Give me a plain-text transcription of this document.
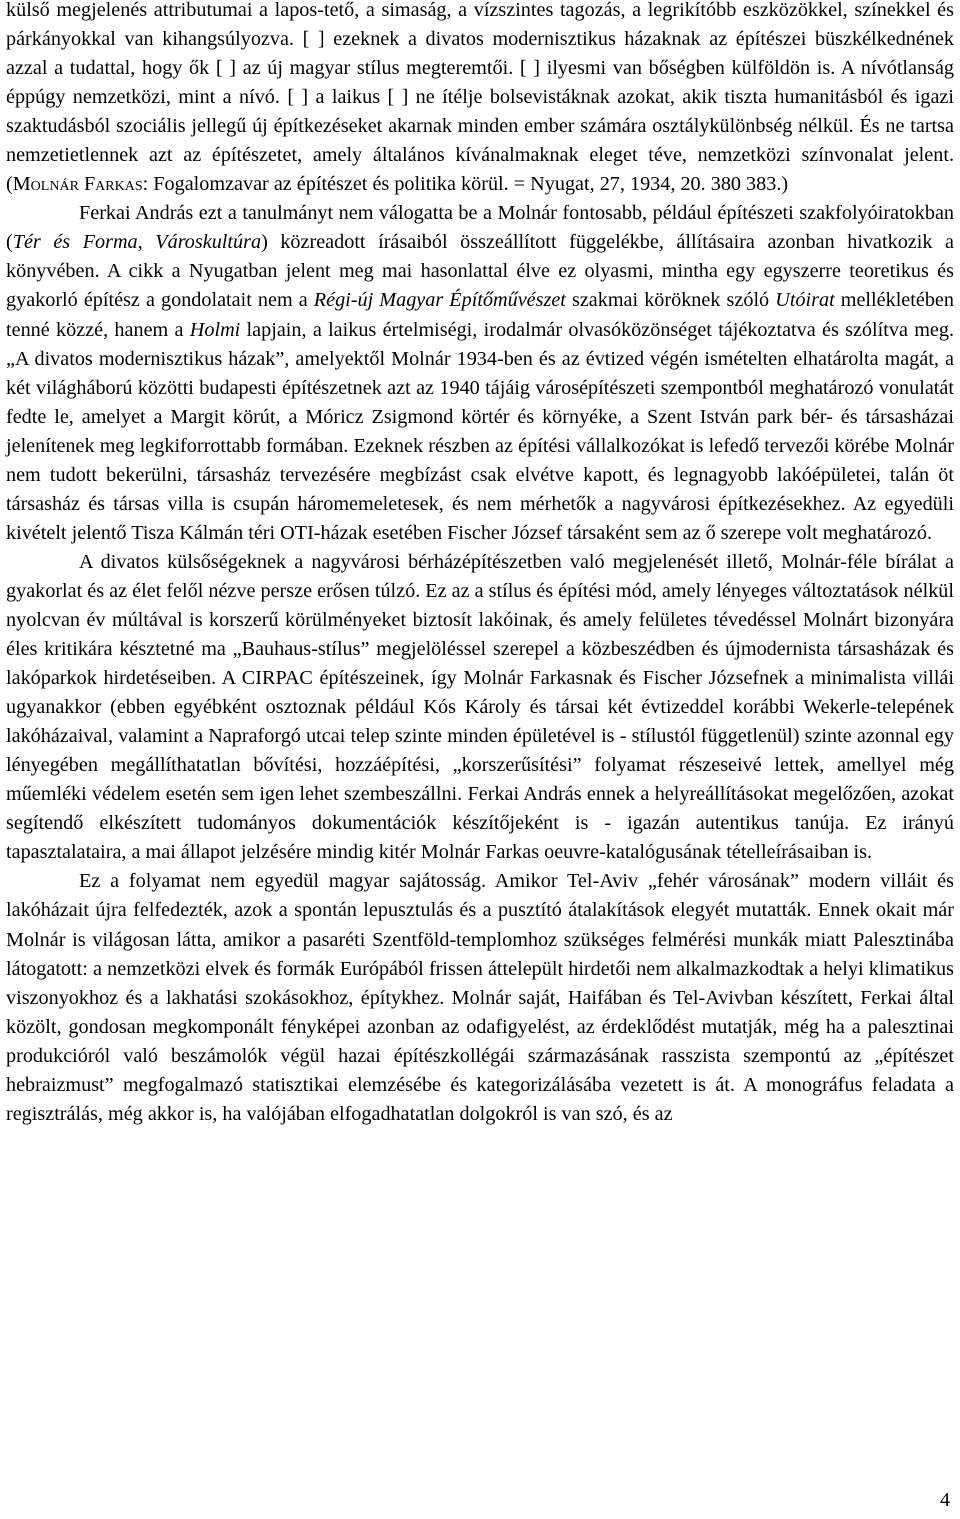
külső megjelenés attributumai a lapos-tető, a simaság, a vízszintes tagozás, a legrikítóbb eszközökkel, színekkel és párkányokkal van kihangsúlyozva. [ ] ezeknek a divatos modernisztikus házaknak az építészei büszkélkednének azzal a tudattal, hogy ők [ ] az új magyar stílus megteremtői. [ ] ilyesmi van bőségben külföldön is. A nívótlanság éppúgy nemzetközi, mint a nívó. [ ] a laikus [ ] ne ítélje bolsevistáknak azokat, akik tiszta humanitásból és igazi szaktudásból szociális jellegű új építkezéseket akarnak minden ember számára osztálykülönbség nélkül. És ne tartsa nemzetietlennek azt az építészetet, amely általános kívánalmaknak eleget téve, nemzetközi színvonalat jelent. (Molnár Farkas: Fogalomzavar az építészet és politika körül. = Nyugat, 27, 1934, 20. 380 383.)

Ferkai András ezt a tanulmányt nem válogatta be a Molnár fontosabb, például építészeti szakfolyóiratokban (Tér és Forma, Városkultúra) közreadott írásaiból összeállított függelékbe, állításaira azonban hivatkozik a könyvében. A cikk a Nyugatban jelent meg mai hasonlattal élve ez olyasmi, mintha egy egyszerre teoretikus és gyakorló építész a gondolatait nem a Régi-új Magyar Építőművészet szakmai köröknek szóló Utóirat mellékletében tenné közzé, hanem a Holmi lapjain, a laikus értelmiségi, irodalmár olvasóközönséget tájékoztatva és szólítva meg. „A divatos modernisztikus házak”, amelyektől Molnár 1934-ben és az évtized végén ismételten elhatárolta magát, a két világháború közötti budapesti építészetnek azt az 1940 tájáig városépítészeti szempontból meghatározó vonulatát fedte le, amelyet a Margit körút, a Móricz Zsigmond körtér és környéke, a Szent István park bér- és társasházai jelenítenek meg legkiforrottabb formában. Ezeknek részben az építési vállalkozókat is lefedő tervezői körébe Molnár nem tudott bekerülni, társasház tervezésére megbízást csak elvétve kapott, és legnagyobb lakóépületei, talán öt társasház és társas villa is csupán háromemeletesek, és nem mérhetők a nagyvárosi építkezésekhez. Az egyedüli kivételt jelentő Tisza Kálmán téri OTI-házak esetében Fischer József társaként sem az ő szerepe volt meghatározó.

A divatos külsőségeknek a nagyvárosi bérházépítészetben való megjelenését illető, Molnár-féle bírálat a gyakorlat és az élet felől nézve persze erősen túlzó. Ez az a stílus és építési mód, amely lényeges változtatások nélkül nyolcvan év múltával is korszerű körülményeket biztosít lakóinak, és amely felületes tévedéssel Molnárt bizonyára éles kritikára késztetné ma „Bauhaus-stílus” megjelöléssel szerepel a közbeszédben és újmodernista társasházak és lakóparkok hirdetéseiben. A CIRPAC építészeinek, így Molnár Farkasnak és Fischer Józsefnek a minimalista villái ugyanakkor (ebben egyébként osztoznak például Kós Károly és társai két évtizeddel korábbi Wekerle-telepének lakóházaival, valamint a Napraforgó utcai telep szinte minden épületével is - stílustól függetlenül) szinte azonnal egy lényegében megállíthatatlan bővítési, hozzáépítési, „korszerűsítési” folyamat részeseivé lettek, amellyel még műemléki védelem esetén sem igen lehet szembeszállni. Ferkai András ennek a helyreállításokat megelőzően, azokat segítendő elkészített tudományos dokumentációk készítőjeként is - igazán autentikus tanúja. Ez irányú tapasztalataira, a mai állapot jelzésére mindig kitér Molnár Farkas oeuvre-katalógusának tételleírásaiban is.

Ez a folyamat nem egyedül magyar sajátosság. Amikor Tel-Aviv „fehér városának” modern villáit és lakóházait újra felfedezték, azok a spontán lepusztulás és a pusztító átalakítások elegyét mutatták. Ennek okait már Molnár is világosan látta, amikor a pasaréti Szentföld-templomhoz szükséges felmérési munkák miatt Palesztinába látogatott: a nemzetközi elvek és formák Európából frissen áttelepült hirdetői nem alkalmazkodtak a helyi klimatikus viszonyokhoz és a lakhatási szokásokhoz, építykhez. Molnár saját, Haifában és Tel-Avivban készített, Ferkai által közölt, gondosan megkomponált fényképei azonban az odafigyelést, az érdeklődést mutatják, még ha a palesztinai produkcióról való beszámolók végül hazai építészkollégái származásának rasszista szempontú az „építészet hebraizmust” megfogalmazó statisztikai elemzésébe és kategorizálásába vezetett is át. A monográfus feladata a regisztrálás, még akkor is, ha valójában elfogadhatatlan dolgokról is van szó, és az

4
